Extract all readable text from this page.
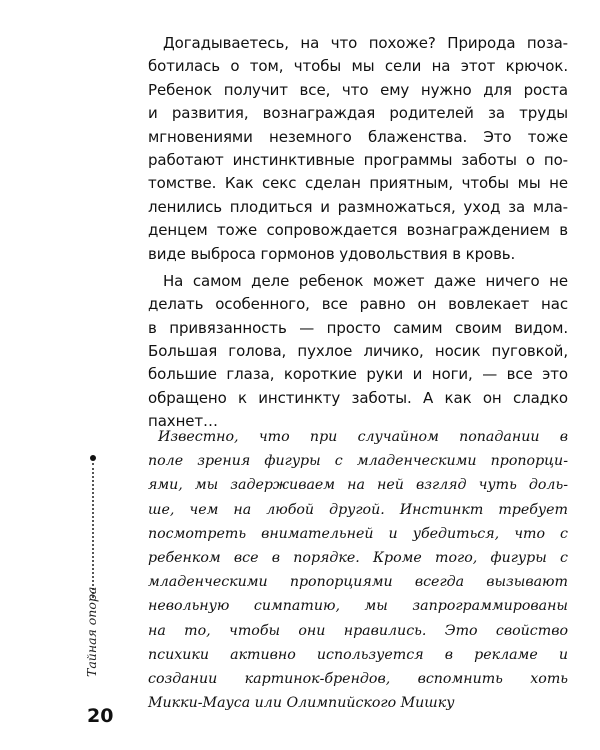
Догадываетесь, на что похоже? Природа поза-
ботилась о том, чтобы мы сели на этот крючок.
Ребенок получит все, что ему нужно для роста
и развития, вознаграждая родителей за труды
мгновениями неземного блаженства. Это тоже
работают инстинктивные программы заботы о по-
томстве. Как секс сделан приятным, чтобы мы не
ленились плодиться и размножаться, уход за мла-
денцем тоже сопровождается вознаграждением в
виде выброса гормонов удовольствия в кровь.
На самом деле ребенок может даже ничего не
делать особенного, все равно он вовлекает нас
в привязанность — просто самим своим видом.
Большая голова, пухлое личико, носик пуговкой,
большие глаза, короткие руки и ноги, — все это
обращено к инстинкту заботы. А как он сладко
пахнет…
Известно, что при случайном попадании в
поле зрения фигуры с младенческими пропорци-
ями, мы задерживаем на ней взгляд чуть доль-
ше, чем на любой другой. Инстинкт требует
посмотреть внимательней и убедиться, что с
ребенком все в порядке. Кроме того, фигуры с
младенческими пропорциями всегда вызывают
невольную симпатию, мы запрограммированы
на то, чтобы они нравились. Это свойство
психики активно используется в рекламе и
создании картинок-брендов, вспомнить хоть
Микки-Мауса или Олимпийского Мишку
Тайная опора
20
